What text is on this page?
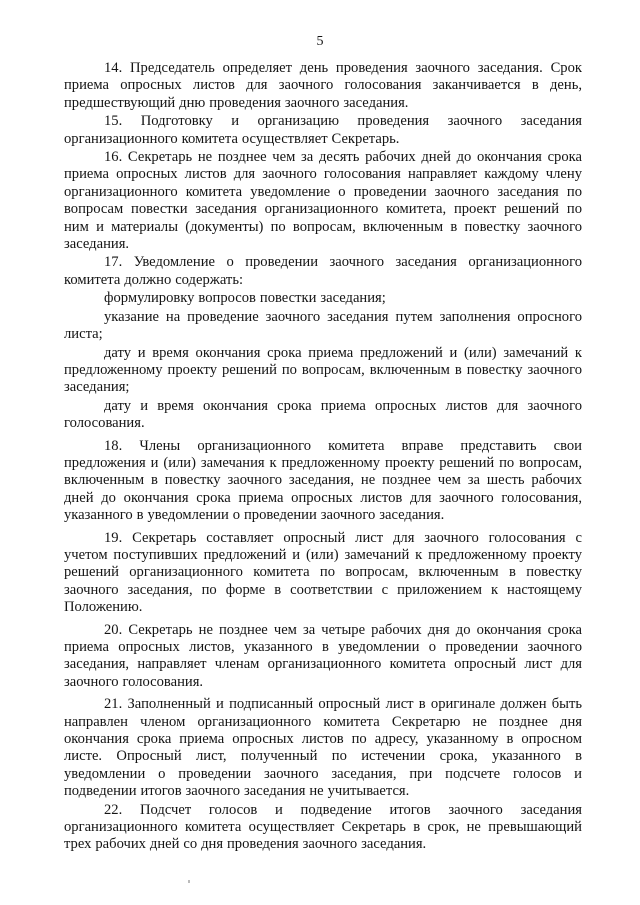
5

14. Председатель определяет день проведения заочного заседания. Срок приема опросных листов для заочного голосования заканчивается в день, предшествующий дню проведения заочного заседания.

15. Подготовку и организацию проведения заочного заседания организационного комитета осуществляет Секретарь.

16. Секретарь не позднее чем за десять рабочих дней до окончания срока приема опросных листов для заочного голосования направляет каждому члену организационного комитета уведомление о проведении заочного заседания по вопросам повестки заседания организационного комитета, проект решений по ним и материалы (документы) по вопросам, включенным в повестку заочного заседания.

17. Уведомление о проведении заочного заседания организационного комитета должно содержать:

формулировку вопросов повестки заседания;

указание на проведение заочного заседания путем заполнения опросного листа;

дату и время окончания срока приема предложений и (или) замечаний к предложенному проекту решений по вопросам, включенным в повестку заочного заседания;

дату и время окончания срока приема опросных листов для заочного голосования.

18. Члены организационного комитета вправе представить свои предложения и (или) замечания к предложенному проекту решений по вопросам, включенным в повестку заочного заседания, не позднее чем за шесть рабочих дней до окончания срока приема опросных листов для заочного голосования, указанного в уведомлении о проведении заочного заседания.

19. Секретарь составляет опросный лист для заочного голосования с учетом поступивших предложений и (или) замечаний к предложенному проекту решений организационного комитета по вопросам, включенным в повестку заочного заседания, по форме в соответствии с приложением к настоящему Положению.

20. Секретарь не позднее чем за четыре рабочих дня до окончания срока приема опросных листов, указанного в уведомлении о проведении заочного заседания, направляет членам организационного комитета опросный лист для заочного голосования.

21. Заполненный и подписанный опросный лист в оригинале должен быть направлен членом организационного комитета Секретарю не позднее дня окончания срока приема опросных листов по адресу, указанному в опросном листе. Опросный лист, полученный по истечении срока, указанного в уведомлении о проведении заочного заседания, при подсчете голосов и подведении итогов заочного заседания не учитывается.

22. Подсчет голосов и подведение итогов заочного заседания организационного комитета осуществляет Секретарь в срок, не превышающий трех рабочих дней со дня проведения заочного заседания.
